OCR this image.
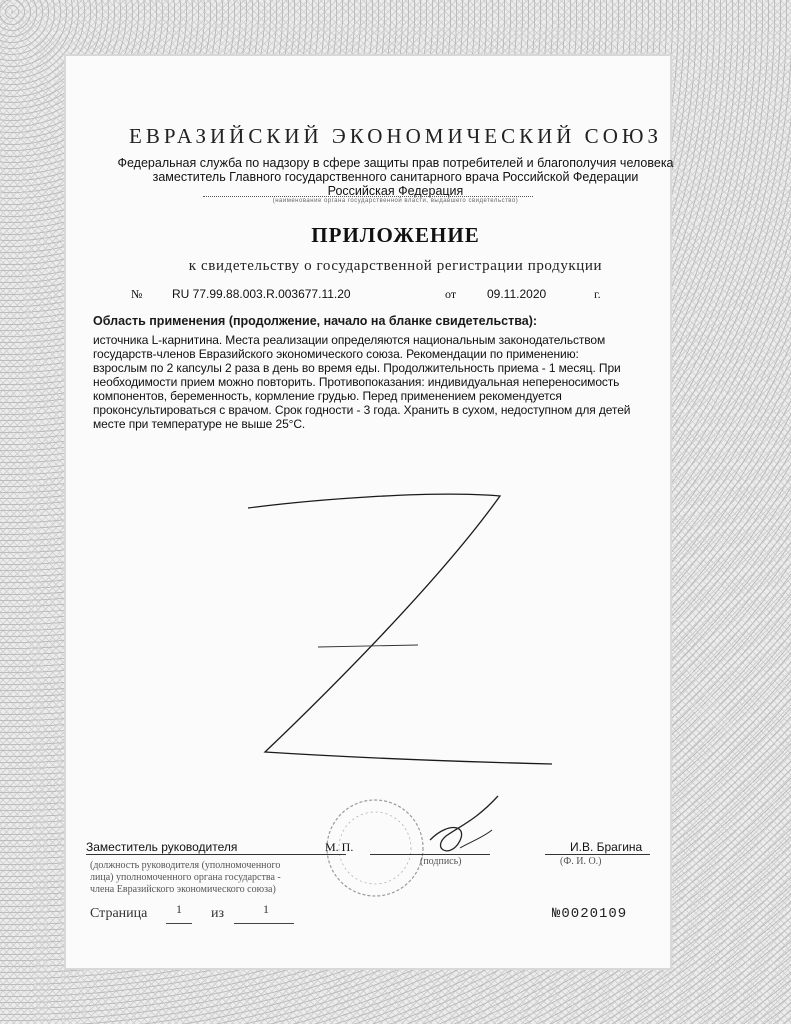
ЕВРАЗИЙСКИЙ ЭКОНОМИЧЕСКИЙ СОЮЗ
Федеральная служба по надзору в сфере защиты прав потребителей и благополучия человека
заместитель Главного государственного санитарного врача Российской Федерации
Российская Федерация
(наименование органа государственной власти, выдавшего свидетельство)
ПРИЛОЖЕНИЕ
к свидетельству о государственной регистрации продукции
№ RU 77.99.88.003.R.003677.11.20	от	09.11.2020	г.
Область применения (продолжение, начало на бланке свидетельства):
источника L-карнитина. Места реализации определяются национальным законодательством
государств-членов Евразийского экономического союза. Рекомендации по применению:
взрослым по 2 капсулы 2 раза в день во время еды. Продолжительность приема - 1 месяц. При
необходимости прием можно повторить. Противопоказания: индивидуальная непереносимость
компонентов, беременность, кормление грудью. Перед применением рекомендуется
проконсультироваться с врачом. Срок годности - 3 года. Хранить в сухом, недоступном для детей
месте при температуре не выше 25°C.
Заместитель руководителя	М. П.	И.В. Брагина
(подпись)	(Ф. И. О.)
(должность руководителя (уполномоченного
лица) уполномоченного органа государства -
члена Евразийского экономического союза)
Страница 1 из	1	№0020109
